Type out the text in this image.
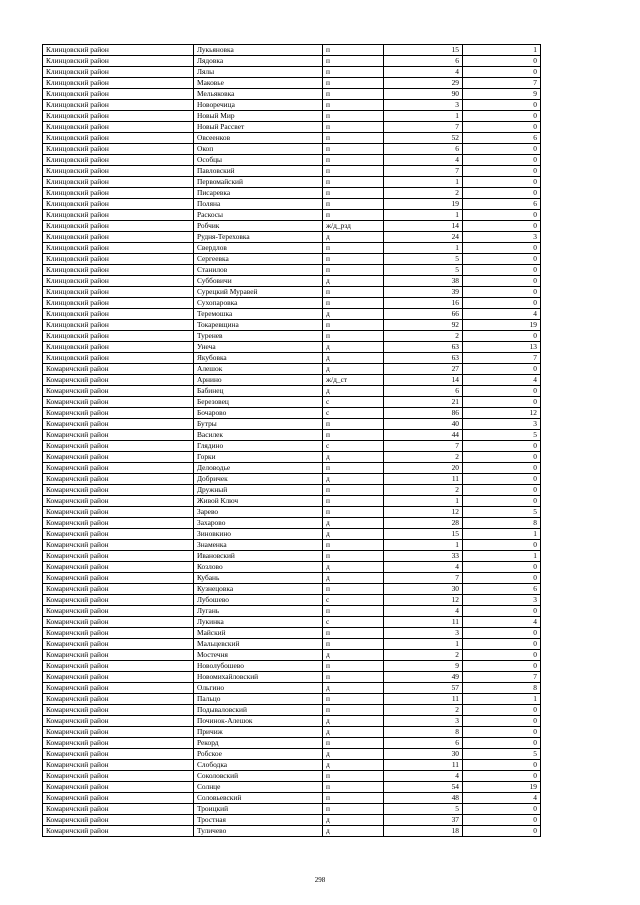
Клинцовский район	Лукьяновка	п	15	1
Клинцовский район	Лядовка	п	6	0
Клинцовский район	Лялы	п	4	0
Клинцовский район	Маковье	п	29	7
Клинцовский район	Мельяковка	п	90	9
Клинцовский район	Новоречица	п	3	0
Клинцовский район	Новый Мир	п	1	0
Клинцовский район	Новый Рассвет	п	7	0
Клинцовский район	Овсеенков	п	52	6
Клинцовский район	Окоп	п	6	0
Клинцовский район	Особцы	п	4	0
Клинцовский район	Павловский	п	7	0
Клинцовский район	Первомайский	п	1	0
Клинцовский район	Писаревка	п	2	0
Клинцовский район	Поляна	п	19	6
Клинцовский район	Раскосы	п	1	0
Клинцовский район	Робчик	ж/д_рзд	14	0
Клинцовский район	Рудня-Тереховка	д	24	3
Клинцовский район	Свердлов	п	1	0
Клинцовский район	Сергеевка	п	5	0
Клинцовский район	Станилов	п	5	0
Клинцовский район	Суббовичи	д	38	0
Клинцовский район	Сурецкий Муравей	п	39	0
Клинцовский район	Сухопаровка	п	16	0
Клинцовский район	Теремошка	д	66	4
Клинцовский район	Токаревщина	п	92	19
Клинцовский район	Туренев	п	2	0
Клинцовский район	Унеча	д	63	13
Клинцовский район	Якубовка	д	63	7
Комаричский район	Алешок	д	27	0
Комаричский район	Арнино	ж/д_ст	14	4
Комаричский район	Бабинец	д	6	0
Комаричский район	Березовец	с	21	0
Комаричский район	Бочарово	с	86	12
Комаричский район	Бутры	п	40	3
Комаричский район	Василек	п	44	5
Комаричский район	Глядино	с	7	0
Комаричский район	Горки	д	2	0
Комаричский район	Деловодье	п	20	0
Комаричский район	Добричек	д	11	0
Комаричский район	Дружный	п	2	0
Комаричский район	Живой Ключ	п	1	0
Комаричский район	Зарево	п	12	5
Комаричский район	Захарово	д	28	8
Комаричский район	Зиновкино	д	15	1
Комаричский район	Знаменка	п	1	0
Комаричский район	Ивановский	п	33	1
Комаричский район	Козлово	д	4	0
Комаричский район	Кубань	д	7	0
Комаричский район	Кузнецовка	п	30	6
Комаричский район	Лубошево	с	12	3
Комаричский район	Лугань	п	4	0
Комаричский район	Лукинка	с	11	4
Комаричский район	Майский	п	3	0
Комаричский район	Мальцевский	п	1	0
Комаричский район	Мостечня	д	2	0
Комаричский район	Новолубошево	п	9	0
Комаричский район	Новомихайловский	п	49	7
Комаричский район	Ольгино	д	57	8
Комаричский район	Пальцо	п	11	1
Комаричский район	Подываловский	п	2	0
Комаричский район	Починок-Алешок	д	3	0
Комаричский район	Причиж	д	8	0
Комаричский район	Рекорд	п	6	0
Комаричский район	Робское	д	30	5
Комаричский район	Слободка	д	11	0
Комаричский район	Соколовский	п	4	0
Комаричский район	Солнце	п	54	19
Комаричский район	Соловьевский	п	48	4
Комаричский район	Троицкий	п	5	0
Комаричский район	Тростная	д	37	0
Комаричский район	Туличево	д	18	0
298
